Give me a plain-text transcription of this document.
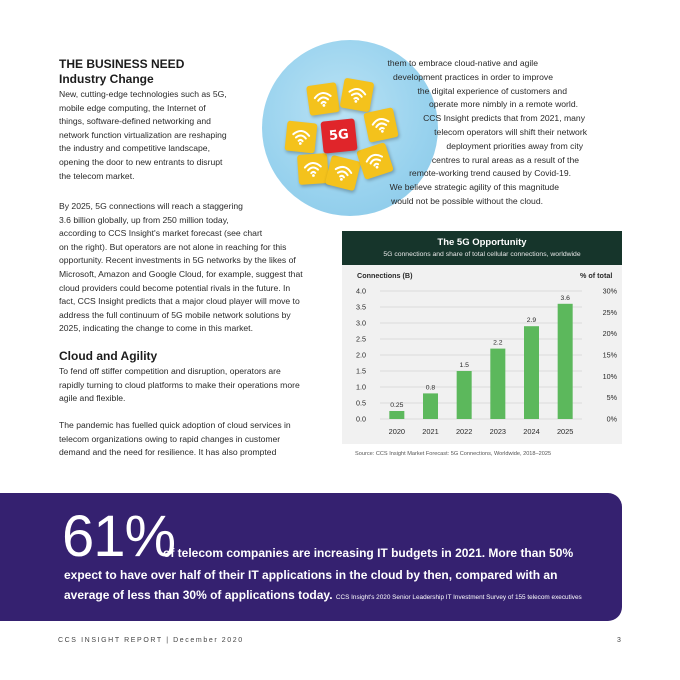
THE BUSINESS NEED
Industry Change
New, cutting-edge technologies such as 5G,
mobile edge computing, the Internet of
things, software-defined networking and
network function virtualization are reshaping
the industry and competitive landscape,
opening the door to new entrants to disrupt
the telecom market.
By 2025, 5G connections will reach a staggering
3.6 billion globally, up from 250 million today,
according to CCS Insight's market forecast (see chart
on the right). But operators are not alone in reaching for this
opportunity. Recent investments in 5G networks by the likes of
Microsoft, Amazon and Google Cloud, for example, suggest that
cloud providers could become potential rivals in the future. In
fact, CCS Insight predicts that a major cloud player will move to
address the full continuum of 5G mobile network solutions by
2025, indicating the change to come in this market.
Cloud and Agility
To fend off stiffer competition and disruption, operators are
rapidly turning to cloud platforms to make their operations more
agile and flexible.
The pandemic has fuelled quick adoption of cloud services in
telecom organizations owing to rapid changes in customer
demand and the need for resilience. It has also prompted
5G
them to embrace cloud-native and agile
development practices in order to improve
the digital experience of customers and
operate more nimbly in a remote world.
CCS Insight predicts that from 2021, many
telecom operators will shift their network
deployment priorities away from city
centres to rural areas as a result of the
remote-working trend caused by Covid-19.
We believe strategic agility of this magnitude
would not be possible without the cloud.
The 5G Opportunity
5G connections and share of total cellular connections, worldwide
Connections (B)	% of total
0.0
0.5
1.0
1.5
2.0
2.5
3.0
3.5
4.0
0%
5%
10%
15%
20%
25%
30%
0.25
2020
0.8
2021
1.5
2022
2.2
2023
2.9
2024
3.6
2025
Source: CCS Insight Market Forecast: 5G Connections, Worldwide, 2018–2025
61%
of telecom companies are increasing IT budgets in 2021. More than 50%
expect to have over half of their IT applications in the cloud by then, compared with an
average of less than 30% of applications today. CCS Insight's 2020 Senior Leadership IT Investment Survey of 155 telecom executives
CCS INSIGHT REPORT | December 2020	3
